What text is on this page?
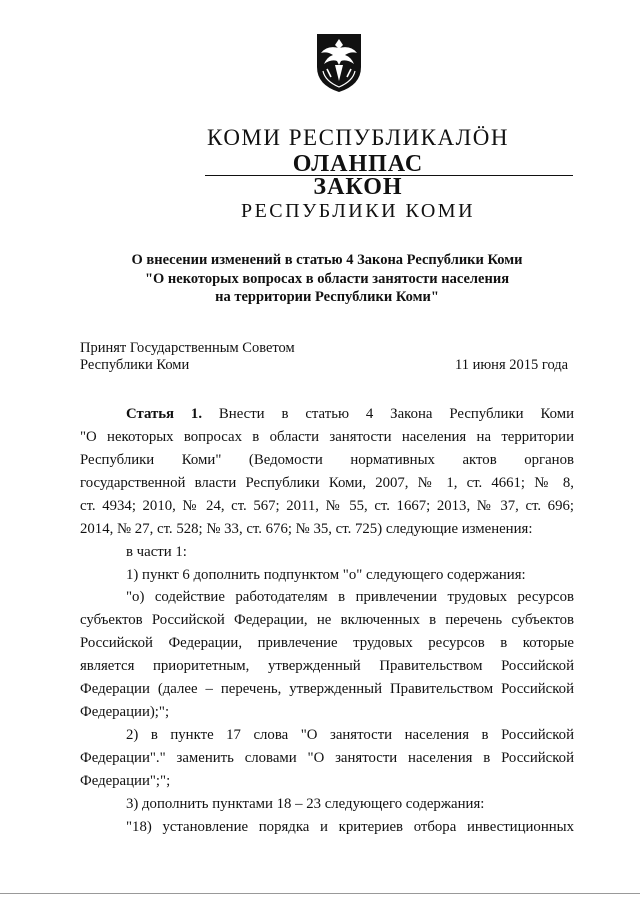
КОМИ РЕСПУБЛИКАЛӦН
ОЛАНПАС
ЗАКОН
РЕСПУБЛИКИ КОМИ
О внесении изменений в статью 4 Закона Республики Коми
"О некоторых вопросах в области занятости населения
на территории Республики Коми"
Принят Государственным Советом
Республики Коми	11 июня 2015 года
Статья 1. Внести в статью 4 Закона Республики Коми
"О некоторых вопросах в области занятости населения на территории
Республики Коми" (Ведомости нормативных актов органов
государственной власти Республики Коми, 2007, № 1, ст. 4661; № 8,
ст. 4934; 2010, № 24, ст. 567; 2011, № 55, ст. 1667; 2013, № 37, ст. 696;
2014, № 27, ст. 528; № 33, ст. 676; № 35, ст. 725) следующие изменения:
в части 1:
1) пункт 6 дополнить подпунктом "о" следующего содержания:
"о) содействие работодателям в привлечении трудовых ресурсов
субъектов Российской Федерации, не включенных в перечень субъектов
Российской Федерации, привлечение трудовых ресурсов в которые
является приоритетным, утвержденный Правительством Российской
Федерации (далее – перечень, утвержденный Правительством Российской
Федерации);";
2) в пункте 17 слова "О занятости населения в Российской
Федерации"." заменить словами "О занятости населения в Российской
Федерации";";
3) дополнить пунктами 18 – 23 следующего содержания:
"18) установление порядка и критериев отбора инвестиционных
